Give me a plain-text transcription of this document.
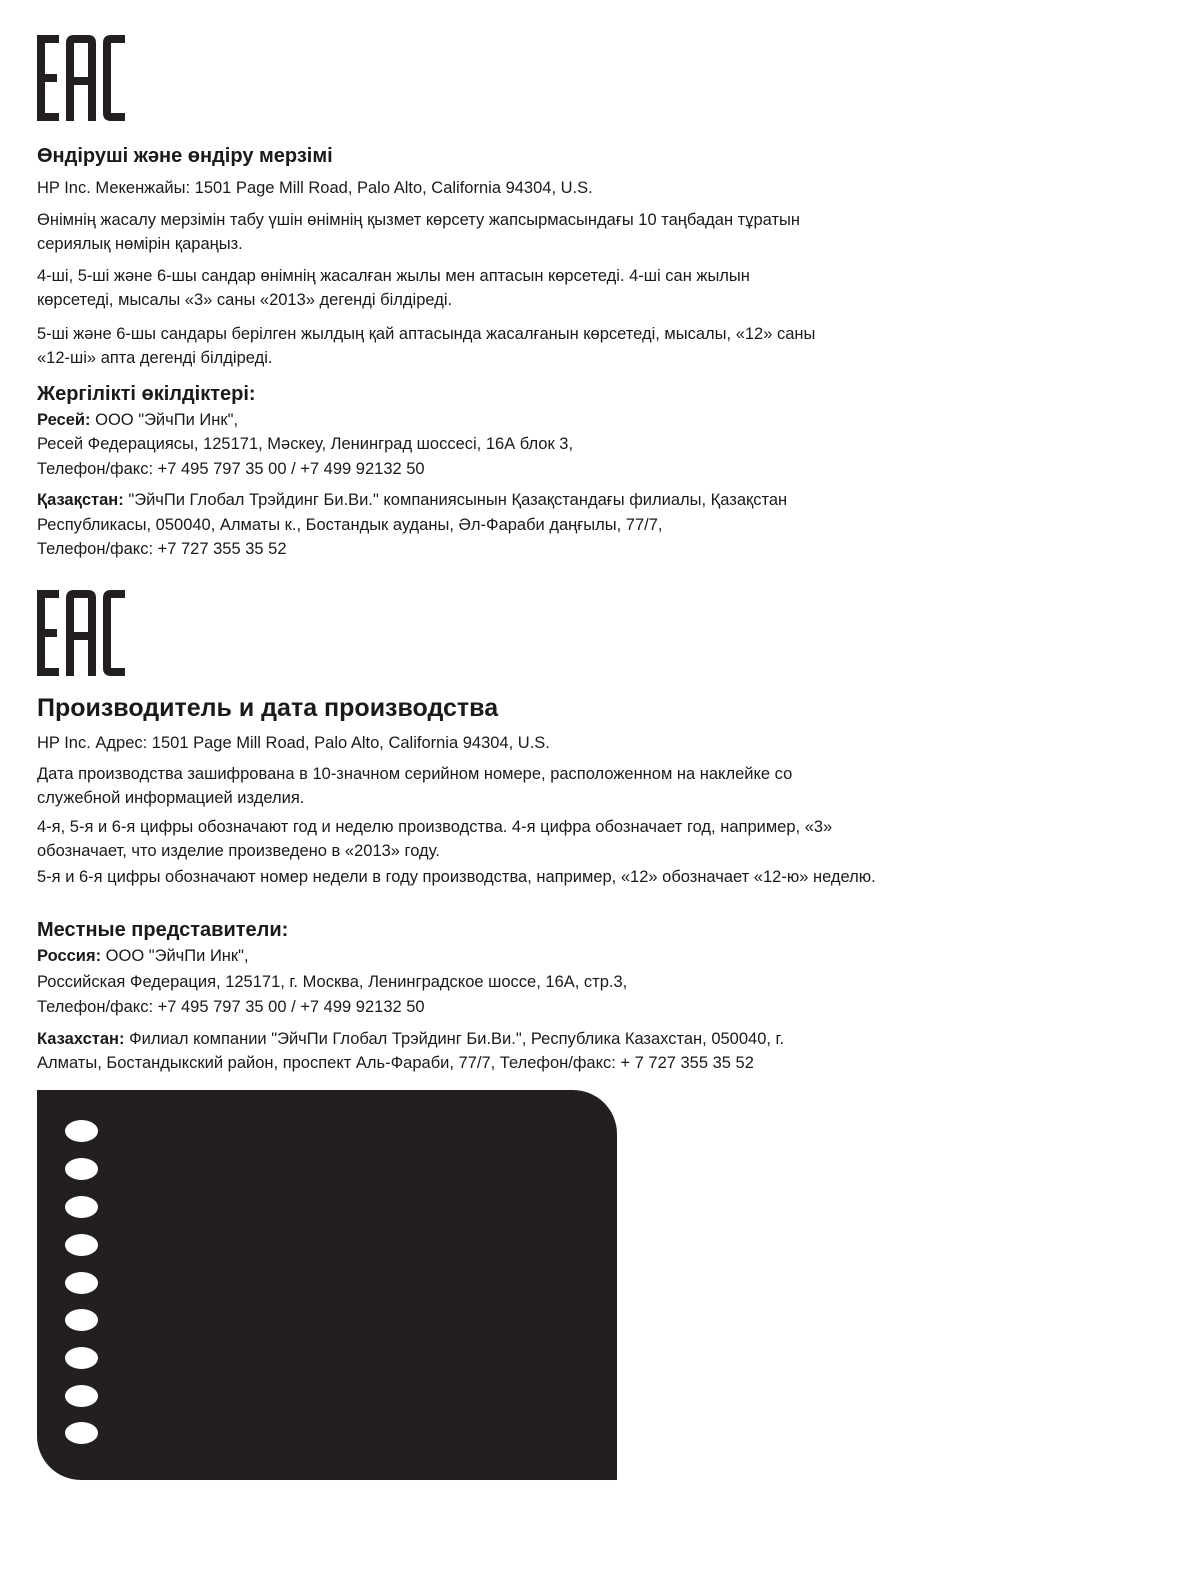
Өндіруші және өндіру мерзімі

HP Inc. Мекенжайы: 1501 Page Mill Road, Palo Alto, California 94304, U.S.

Өнімнің жасалу мерзімін табу үшін өнімнің қызмет көрсету жапсырмасындағы 10 таңбадан тұратын
сериялық нөмірін қараңыз.

4-ші, 5-ші және 6-шы сандар өнімнің жасалған жылы мен аптасын көрсетеді. 4-ші сан жылын
көрсетеді, мысалы «3» саны «2013» дегенді білдіреді.

5-ші және 6-шы сандары берілген жылдың қай аптасында жасалғанын көрсетеді, мысалы, «12» саны
«12-ші» апта дегенді білдіреді.

Жергілікті өкілдіктері:

Ресей: ООО "ЭйчПи Инк",

Ресей Федерациясы, 125171, Мәскеу, Ленинград шоссесі, 16А блок 3,

Телефон/факс: +7 495 797 35 00 / +7 499 92132 50

Қазақстан: "ЭйчПи Глобал Трэйдинг Би.Ви." компаниясынын Қазақстандағы филиалы, Қазақстан
Республикасы, 050040, Алматы к., Бостандык ауданы, Әл-Фараби даңғылы, 77/7,
Телефон/факс: +7 727 355 35 52

Производитель и дата производства

HP Inc. Адрес: 1501 Page Mill Road, Palo Alto, California 94304, U.S.

Дата производства зашифрована в 10-значном серийном номере, расположенном на наклейке со
служебной информацией изделия.

4-я, 5-я и 6-я цифры обозначают год и неделю производства. 4-я цифра обозначает год, например, «3»
обозначает, что изделие произведено в «2013» году.

5-я и 6-я цифры обозначают номер недели в году производства, например, «12» обозначает «12-ю» неделю.

Местные представители:

Россия: ООО "ЭйчПи Инк",

Российская Федерация, 125171, г. Москва, Ленинградское шоссе, 16А, стр.3,

Телефон/факс: +7 495 797 35 00 / +7 499 92132 50

Казахстан: Филиал компании "ЭйчПи Глобал Трэйдинг Би.Ви.", Республика Казахстан, 050040, г.
Алматы, Бостандыкский район, проспект Аль-Фараби, 77/7, Телефон/факс: + 7 727 355 35 52
